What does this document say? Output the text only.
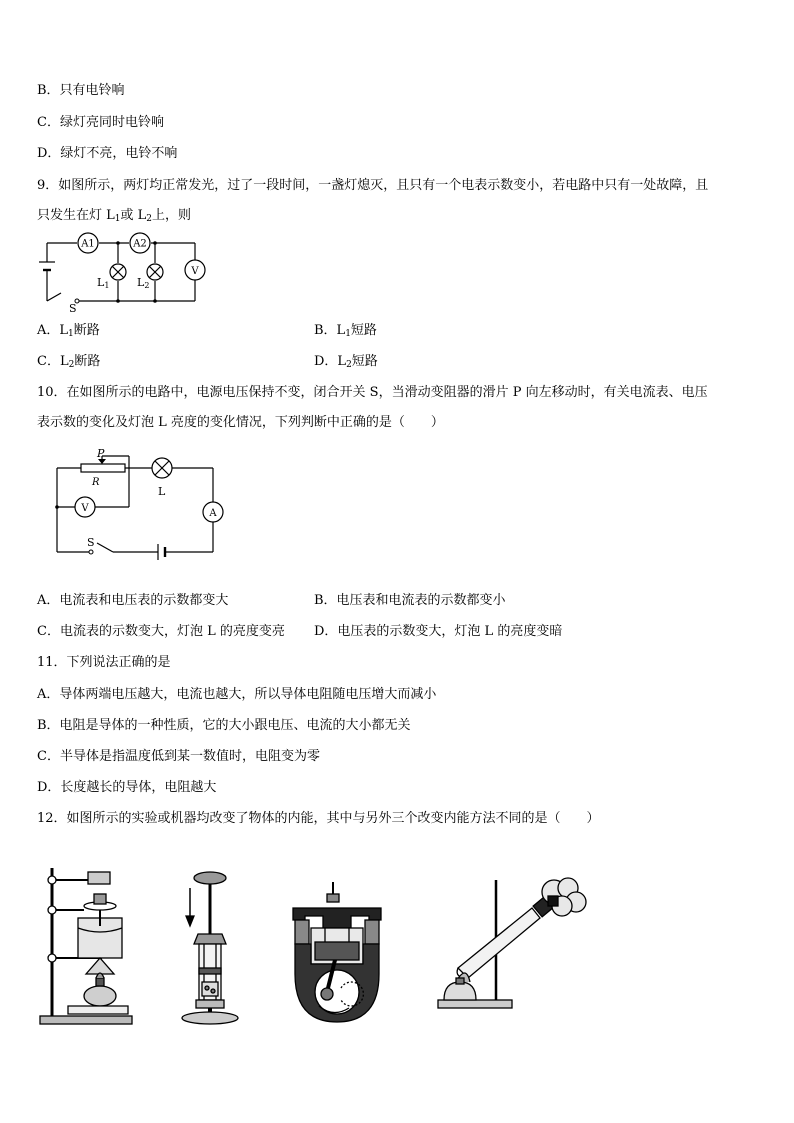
B．只有电铃响
C．绿灯亮同时电铃响
D．绿灯不亮，电铃不响
9．如图所示，两灯均正常发光，过了一段时间，一盏灯熄灭，且只有一个电表示数变小，若电路中只有一处故障，且
只发生在灯 $L_1$或 $L_2$上，则
A1	A2
V
L1	L2
S
A．$L_1$断路	B．$L_1$短路
C．$L_2$断路	D．$L_2$短路
10．在如图所示的电路中，电源电压保持不变，闭合开关 S，当滑动变阻器的滑片 P 向左移动时，有关电流表、电压
表示数的变化及灯泡 L 亮度的变化情况，下列判断中正确的是（　　）
P
R
L
V	A
S
A．电流表和电压表的示数都变大	B．电压表和电流表的示数都变小
C．电流表的示数变大，灯泡 L 的亮度变亮 D．电压表的示数变大，灯泡 L 的亮度变暗
11．下列说法正确的是
A．导体两端电压越大，电流也越大，所以导体电阻随电压增大而减小
B．电阻是导体的一种性质，它的大小跟电压、电流的大小都无关
C．半导体是指温度低到某一数值时，电阻变为零
D．长度越长的导体，电阻越大
12．如图所示的实验或机器均改变了物体的内能，其中与另外三个改变内能方法不同的是（　　）
